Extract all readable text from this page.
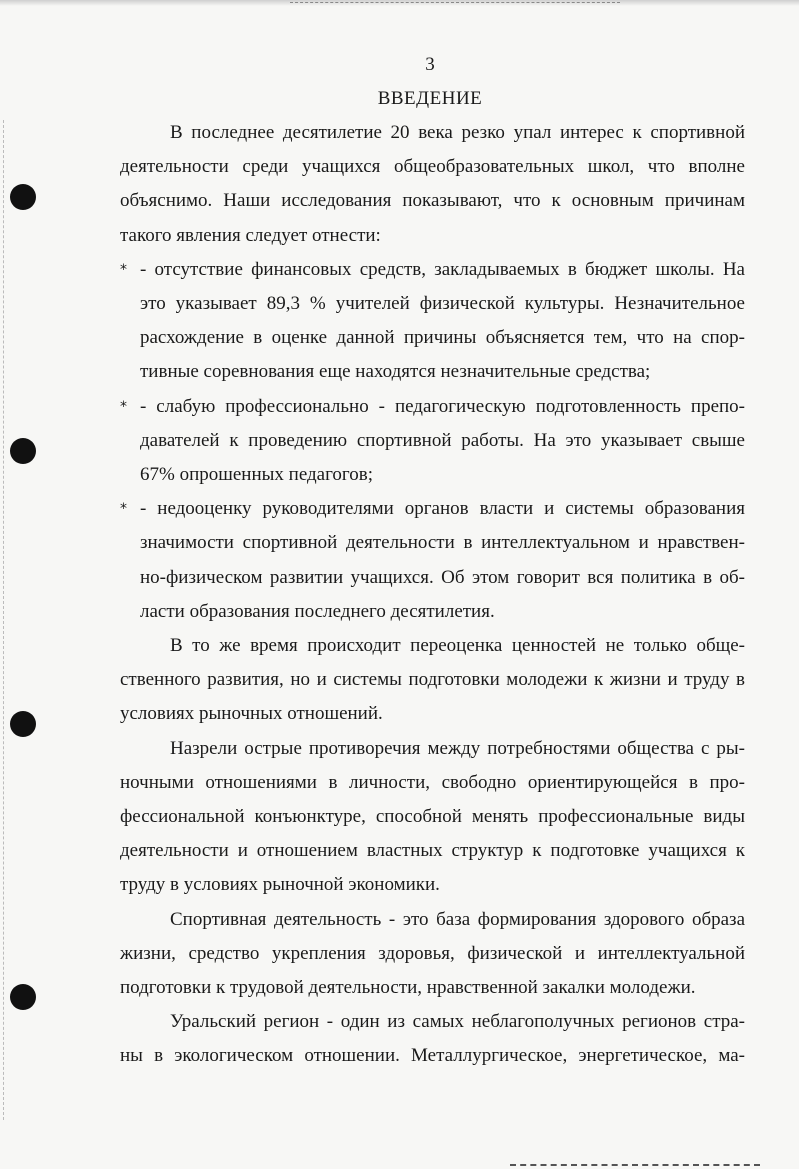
3
ВВЕДЕНИЕ

В последнее десятилетие 20 века резко упал интерес к спортивной
деятельности среди учащихся общеобразовательных школ, что вполне
объяснимо. Наши исследования показывают, что к основным причинам
такого явления следует отнести:

* - отсутствие финансовых средств, закладываемых в бюджет школы. На
это указывает 89,3 % учителей физической культуры. Незначительное
расхождение в оценке данной причины объясняется тем, что на спор-
тивные соревнования еще находятся незначительные средства;
* - слабую профессионально - педагогическую подготовленность препо-
давателей к проведению спортивной работы. На это указывает свыше
67% опрошенных педагогов;
* - недооценку руководителями органов власти и системы образования
значимости спортивной деятельности в интеллектуальном и нравствен-
но-физическом развитии учащихся. Об этом говорит вся политика в об-
ласти образования последнего десятилетия.

В то же время происходит переоценка ценностей не только обще-
ственного развития, но и системы подготовки молодежи к жизни и труду в
условиях рыночных отношений.

Назрели острые противоречия между потребностями общества с ры-
ночными отношениями в личности, свободно ориентирующейся в про-
фессиональной конъюнктуре, способной менять профессиональные виды
деятельности и отношением властных структур к подготовке учащихся к
труду в условиях рыночной экономики.

Спортивная деятельность - это база формирования здорового образа
жизни, средство укрепления здоровья, физической и интеллектуальной
подготовки к трудовой деятельности, нравственной закалки молодежи.

Уральский регион - один из самых неблагополучных регионов стра-
ны в экологическом отношении. Металлургическое, энергетическое, ма-
